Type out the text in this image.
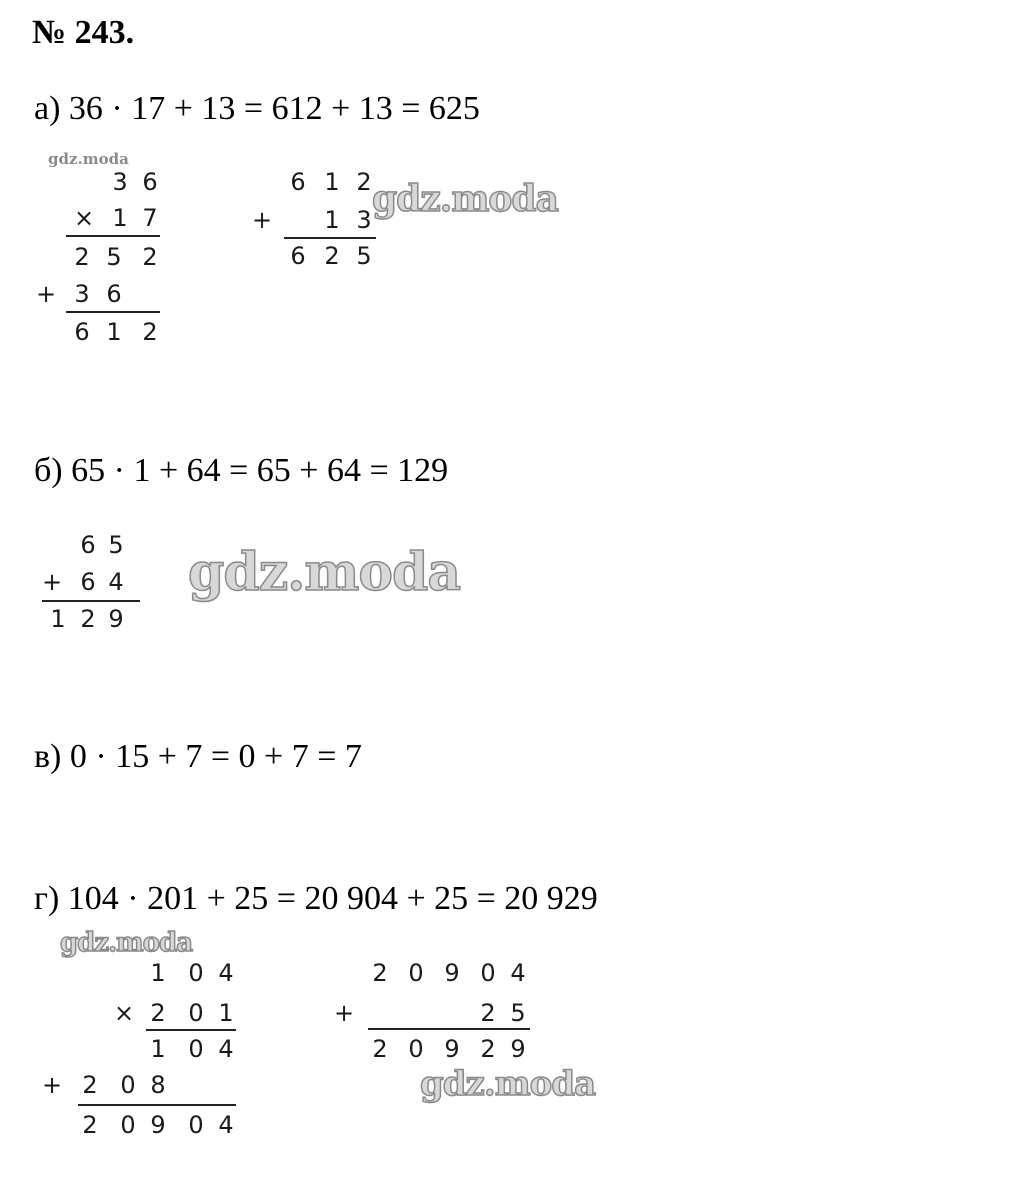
№ 243.
а) 36 · 17 + 13 = 612 + 13 = 625
gdz.moda
3 6
× 1 7
2 5 2
+ 3 6
6 1 2
6 1 2
+ 1 3
6 2 5
gdz.moda
б) 65 · 1 + 64 = 65 + 64 = 129
6 5
+ 6 4
1 2 9
gdz.moda
в) 0 · 15 + 7 = 0 + 7 = 7
г) 104 · 201 + 25 = 20 904 + 25 = 20 929
gdz.moda
1 0 4
× 2 0 1
1 0 4
+ 2 0 8
2 0 9 0 4
2 0 9 0 4
+	2 5
2 0 9 2 9
gdz.moda
